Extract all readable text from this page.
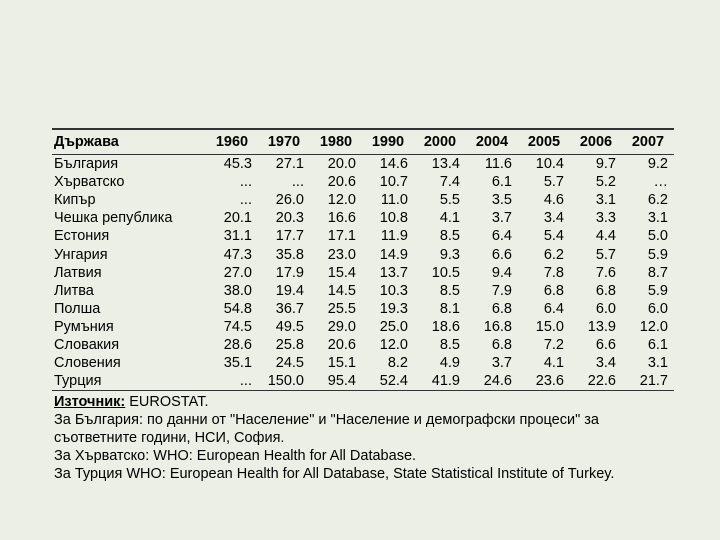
Държава	1960	1970	1980	1990	2000	2004	2005	2006	2007
България	45.3	27.1	20.0	14.6	13.4	11.6	10.4	9.7	9.2
Хърватско	...	...	20.6	10.7	7.4	6.1	5.7	5.2	…
Кипър	...	26.0	12.0	11.0	5.5	3.5	4.6	3.1	6.2
Чешка република	20.1	20.3	16.6	10.8	4.1	3.7	3.4	3.3	3.1
Естония	31.1	17.7	17.1	11.9	8.5	6.4	5.4	4.4	5.0
Унгария	47.3	35.8	23.0	14.9	9.3	6.6	6.2	5.7	5.9
Латвия	27.0	17.9	15.4	13.7	10.5	9.4	7.8	7.6	8.7
Литва	38.0	19.4	14.5	10.3	8.5	7.9	6.8	6.8	5.9
Полша	54.8	36.7	25.5	19.3	8.1	6.8	6.4	6.0	6.0
Румъния	74.5	49.5	29.0	25.0	18.6	16.8	15.0	13.9	12.0
Словакия	28.6	25.8	20.6	12.0	8.5	6.8	7.2	6.6	6.1
Словения	35.1	24.5	15.1	8.2	4.9	3.7	4.1	3.4	3.1
Турция	...	150.0	95.4	52.4	41.9	24.6	23.6	22.6	21.7
Източник: EUROSTAT.
За България: по данни от "Население" и "Население и демографски процеси" за съответните години, НСИ, София.
За Хърватско: WHO: European Health for All Database.
За Турция WHO: European Health for All Database, State Statistical Institute of Turkey.
